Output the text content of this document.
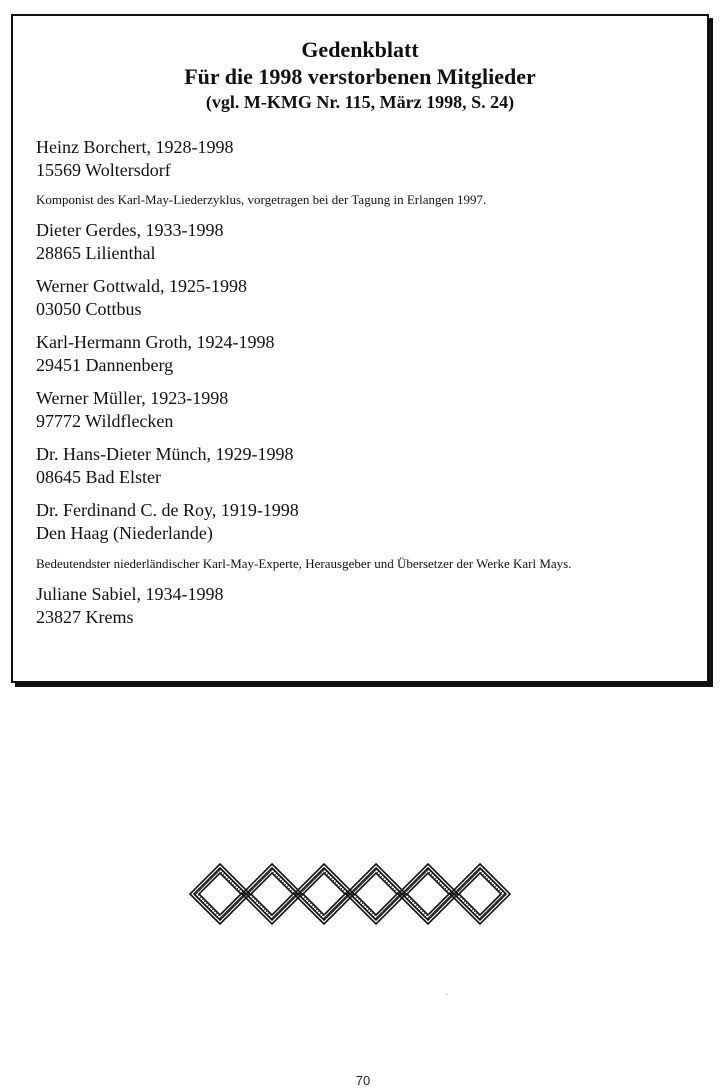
Gedenkblatt
Für die 1998 verstorbenen Mitglieder
(vgl. M-KMG Nr. 115, März 1998, S. 24)
Heinz Borchert, 1928-1998
15569 Woltersdorf
Komponist des Karl-May-Liederzyklus, vorgetragen bei der Tagung in Erlangen 1997.
Dieter Gerdes, 1933-1998
28865 Lilienthal
Werner Gottwald, 1925-1998
03050 Cottbus
Karl-Hermann Groth, 1924-1998
29451 Dannenberg
Werner Müller, 1923-1998
97772 Wildflecken
Dr. Hans-Dieter Münch, 1929-1998
08645 Bad Elster
Dr. Ferdinand C. de Roy, 1919-1998
Den Haag (Niederlande)
Bedeutendster niederländischer Karl-May-Experte, Herausgeber und Übersetzer der Werke Karl Mays.
Juliane Sabiel, 1934-1998
23827 Krems
.
70
